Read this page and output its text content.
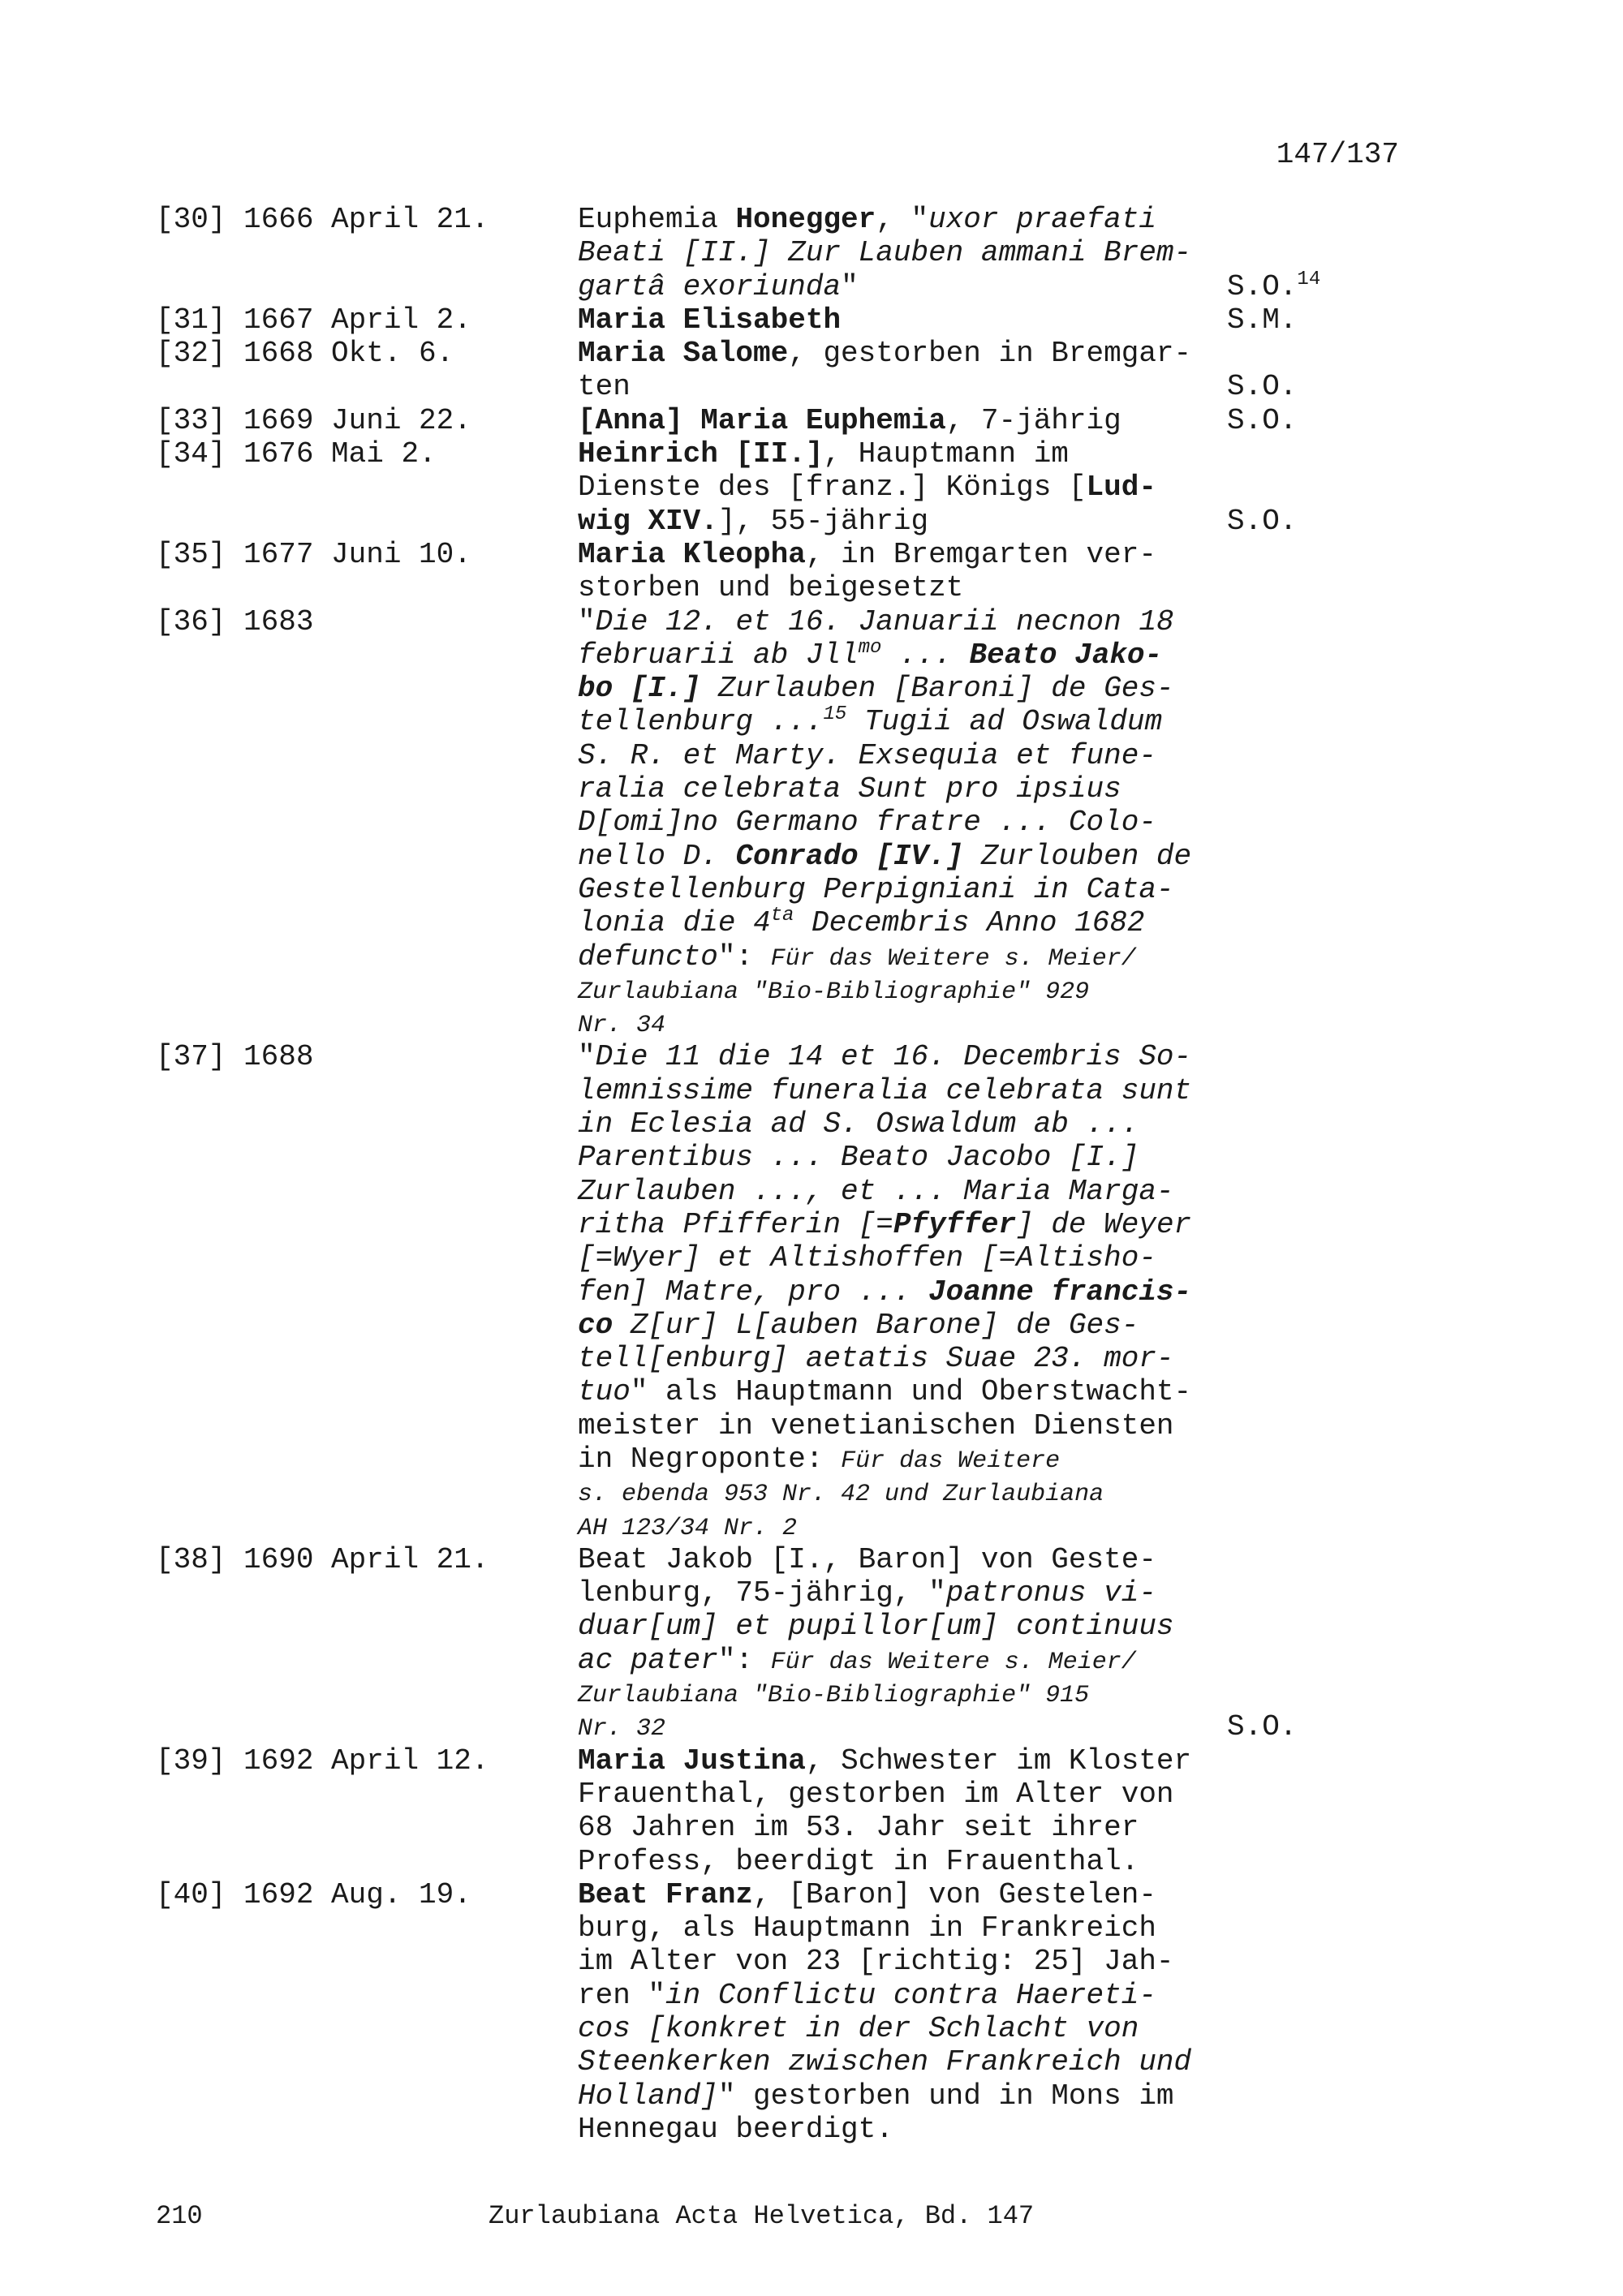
147/137
[30] 1666 April 21.	Euphemia Honegger, "uxor praefati
Beati [II.] Zur Lauben ammani Brem-
gartâ exoriunda"	S.O.$^{14}$
[31] 1667 April 2.	Maria Elisabeth	S.M.
[32] 1668 Okt. 6.	Maria Salome, gestorben in Bremgar-
ten	S.O.
[33] 1669 Juni 22.	[Anna] Maria Euphemia, 7-jährig	S.O.
[34] 1676 Mai 2.	Heinrich [II.], Hauptmann im
Dienste des [franz.] Königs [Lud-
wig XIV.], 55-jährig	S.O.
[35] 1677 Juni 10.	Maria Kleopha, in Bremgarten ver-
storben und beigesetzt
[36] 1683	"Die 12. et 16. Januarii necnon 18
februarii ab Jll$^{mo}$ ... Beato Jako-
bo [I.] Zurlauben [Baroni] de Ges-
tellenburg ...$^{15}$ Tugii ad Oswaldum
S. R. et Marty. Exsequia et fune-
ralia celebrata Sunt pro ipsius
D[omi]no Germano fratre ... Colo-
nello D. Conrado [IV.] Zurlouben de
Gestellenburg Perpigniani in Cata-
lonia die $4^{ta}$ Decembris Anno 1682
defuncto": Für das Weitere s. Meier/
Zurlaubiana "Bio-Bibliographie" 929
Nr. 34
[37] 1688	"Die 11 die 14 et 16. Decembris So-
lemnissime funeralia celebrata sunt
in Eclesia ad S. Oswaldum ab ...
Parentibus ... Beato Jacobo [I.]
Zurlauben ..., et ... Maria Marga-
ritha Pfifferin [=Pfyffer] de Weyer
[=Wyer] et Altishoffen [=Altisho-
fen] Matre, pro ... Joanne francis-
co Z[ur] L[auben Barone] de Ges-
tell[enburg] aetatis Suae 23. mor-
tuo" als Hauptmann und Oberstwacht-
meister in venetianischen Diensten
in Negroponte: Für das Weitere
s. ebenda 953 Nr. 42 und Zurlaubiana
AH 123/34 Nr. 2
[38] 1690 April 21.	Beat Jakob [I., Baron] von Geste-
lenburg, 75-jährig, "patronus vi-
duar[um] et pupillor[um] continuus
ac pater": Für das Weitere s. Meier/
Zurlaubiana "Bio-Bibliographie" 915
Nr. 32	S.O.
[39] 1692 April 12.	Maria Justina, Schwester im Kloster
Frauenthal, gestorben im Alter von
68 Jahren im 53. Jahr seit ihrer
Profess, beerdigt in Frauenthal.
[40] 1692 Aug. 19.	Beat Franz, [Baron] von Gestelen-
burg, als Hauptmann in Frankreich
im Alter von 23 [richtig: 25] Jah-
ren "in Conflictu contra Haereti-
cos [konkret in der Schlacht von
Steenkerken zwischen Frankreich und
Holland]" gestorben und in Mons im
Hennegau beerdigt.
210	Zurlaubiana Acta Helvetica, Bd. 147
